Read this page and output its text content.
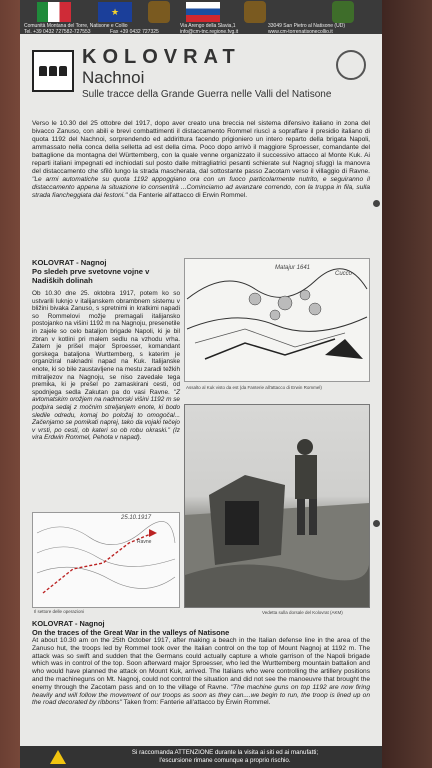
★
Comunità Montana del Torre, Natisone e Collio
Tel. +39 0432 727582-727553	Fax +39 0432 727325
Via Arengo della Slavia,1
info@cm-tnc.regione.fvg.it
33049 San Pietro al Natisone (UD)
www.cm-torrenatisonecollio.it
KOLOVRAT
Nachnoi
Sulle tracce della Grande Guerra nelle Valli del Natisone
Verso le 10.30 del 25 ottobre del 1917, dopo aver creato una breccia nel sistema difensivo italiano in zona del bivacco Zanuso, con abili e brevi combattimenti il distaccamento Rommel riuscì a sopraffare il presidio italiano di quota 1192 del Nachnoi, sorprendendo ed addirittura facendo prigioniero un intero reparto della brigata Napoli, ammassato nella conca della selletta ad est della cima. Poco dopo arrivò il maggiore Sproesser, comandante del battaglione da montagna del Württemberg, con la quale venne organizzato il successivo attacco al Monte Kuk. Ai reparti italiani impegnati ed inchiodati sul posto dalle mitragliatrici pesanti schierate sul Nagnoj sfuggì la manovra del distaccamento che sfilò lungo la strada mascherata, dal sottostante passo Zacotam verso il villaggio di Ravne. "Le armi automatiche su quota 1192 appoggiano ora con un fuoco particolarmente nutrito, e seguiranno il distaccamento appena la situazione lo consentirà ...Cominciamo ad avanzare correndo, con la truppa in fila, sulla strada fiancheggiata dai festoni." da Fanterie all'attacco di Erwin Rommel.
KOLOVRAT - Nagnoj
Po sledeh prve svetovne vojne v Nadiških dolinah
Ob 10.30 dne 25. oktobra 1917, potem ko so ustvarili luknjo v italijanskem obrambnem sistemu v bližini bivaka Zanuso, s spretnimi in kratkimi napadi so Rommelovi možje premagali italijansko postojanko na višini 1192 m na Nagnoju, presenetile in zajele so celo bataljon brigade Napoli, ki je bil zbran v kotlini pri malem sedlu na vzhodu vrha. Zatem je prišel major Sproesser, komandant gorskega bataljona Wurttemberg, s katerim je organiziral naknadni napad na Kuk. Italijanske enote, ki so bile zaustavljene na mestu zaradi težkih mitraljezov na Nagnoju, se niso zavedale tega premika, ki je prešel po zamaskirani cesti, od spodnjega sedla Zakutan pa do vasi Ravne. "Z avtomatskim orožjem na nadmorski višini 1192 m se podpira sedaj z močnim streljanjem enote, ki bodo sledile odredu, komaj bo položaj to omogočal... Začenjamo se pomikati naprej, tako da vojaki tečejo v vrsti, po cesti, ob kateri so ob robu okraski." (Iz vira Erdwin Rommel, Pehota v napad).
Matajur 1641
Cucco
Assalto al Kuk visto da est (da Fanterie all'attacco di Erwin Rommel)
Vedetta sulla dorsale del Kolovrat (AKM)
25.10.1917
Ravne
Il settore delle operazioni
KOLOVRAT - Nagnoj
On the traces of the Great War in the valleys of Natisone
At about 10.30 am on the 25th October 1917, after making a beach in the Italian defense line in the area of the Zanuso hut, the troops led by Rommel took over the Italian control on the top of Mount Nagnoj at 1192 m. The attack was so swift and sudden that the Germans could actually capture a whole garrison of the Napoli brigade which was in control of the top. Soon afterward major Sproesser, who led the Wurttemberg mountain battalion and who would have planned the attack on Mount Kuk, arrived. The Italians who were controlling the artillery positions and the machineguns on Mt. Nagnoj, could not control the situation and did not see the manoeuvre that brought the enemy through the Zacotam pass and on to the village of Ravne. "The machine guns on top 1192 are now firing heavily and will follow the movement of our troops as soon as they can....we begin to run, the troop is lined up on the road decorated by ribbons" Taken from: Fanterie all'attacco by Erwin Rommel.
Si raccomanda ATTENZIONE durante la visita ai siti ed ai manufatti;
l'escursione rimane comunque a proprio rischio.
